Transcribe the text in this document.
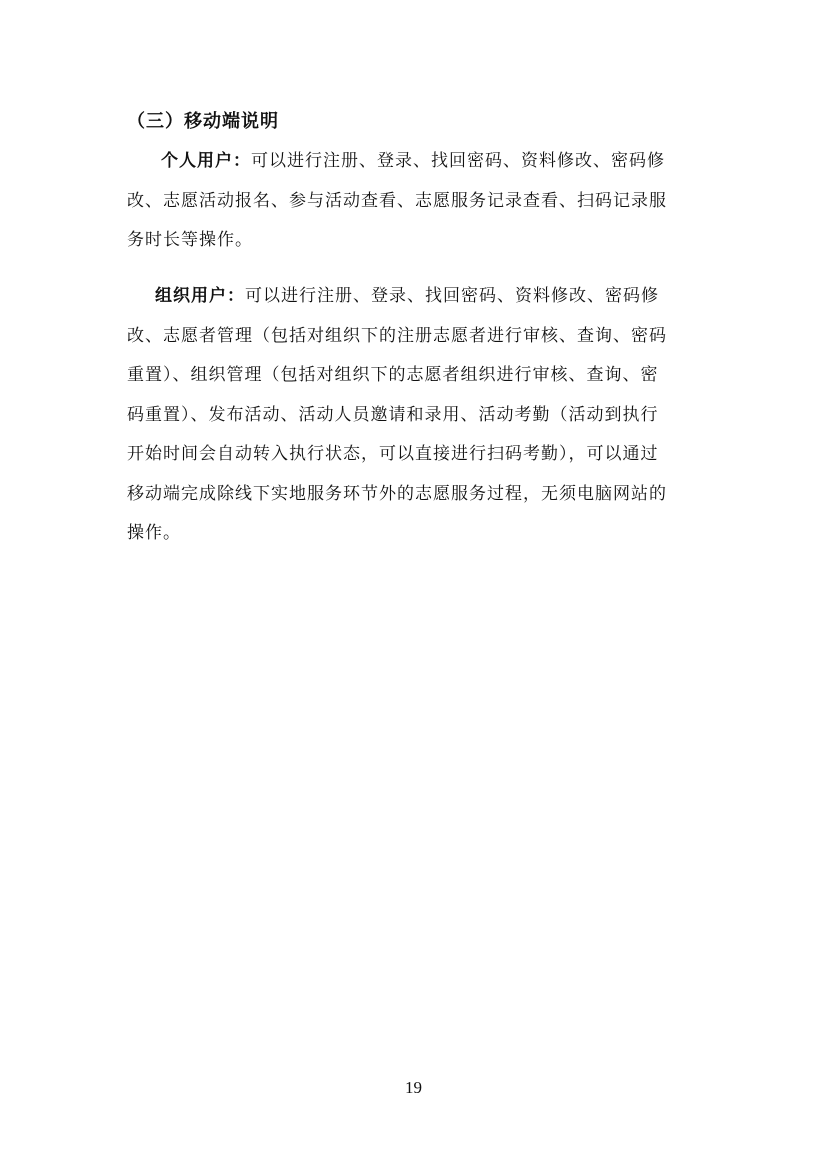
（三）移动端说明
个人用户：可以进行注册、登录、找回密码、资料修改、密码修
改、志愿活动报名、参与活动查看、志愿服务记录查看、扫码记录服
务时长等操作。
组织用户：可以进行注册、登录、找回密码、资料修改、密码修
改、志愿者管理（包括对组织下的注册志愿者进行审核、查询、密码
重置）、组织管理（包括对组织下的志愿者组织进行审核、查询、密
码重置）、发布活动、活动人员邀请和录用、活动考勤（活动到执行
开始时间会自动转入执行状态，可以直接进行扫码考勤），可以通过
移动端完成除线下实地服务环节外的志愿服务过程，无须电脑网站的
操作。
19
